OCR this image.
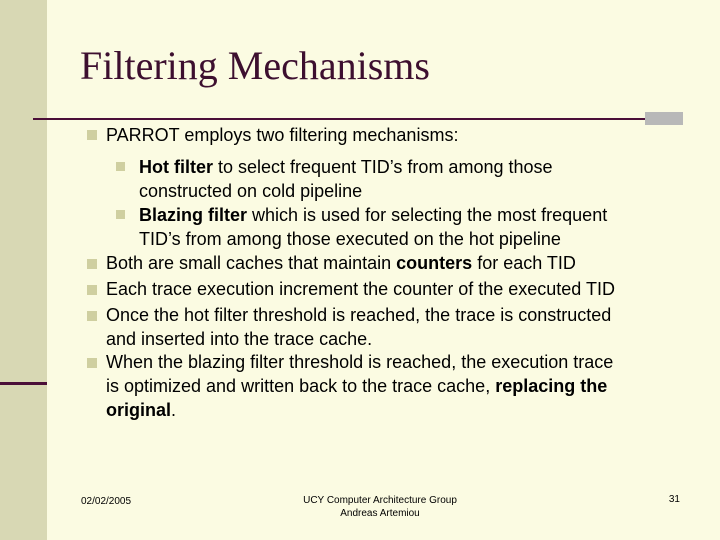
Filtering Mechanisms
PARROT employs two filtering mechanisms:
Hot filter to select frequent TID’s from among those
constructed on cold pipeline
Blazing filter which is used for selecting the most frequent
TID’s from among those executed on the hot pipeline
Both are small caches that maintain counters for each TID
Each trace execution increment the counter of the executed TID
Once the hot filter threshold is reached, the trace is constructed
and inserted into the trace cache.
When the blazing filter threshold is reached, the execution trace
is optimized and written back to the trace cache, replacing the
original.
02/02/2005	UCY Computer Architecture Group
Andreas Artemiou
31
